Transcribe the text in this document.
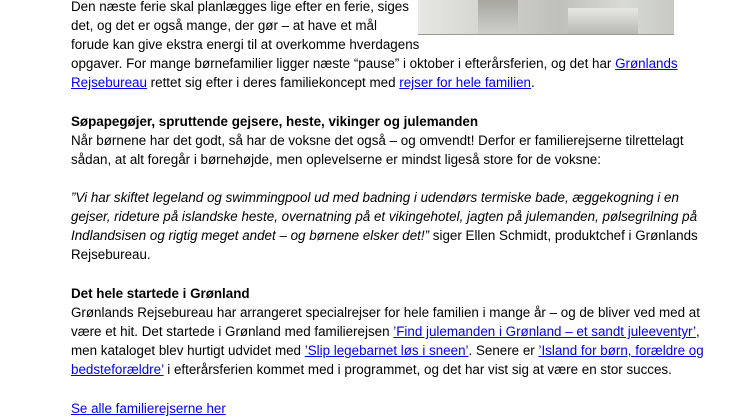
Den næste ferie skal planlægges lige efter en ferie, siges
det, og det er også mange, der gør – at have et mål
forude kan give ekstra energi til at overkomme hverdagens
opgaver. For mange børnefamilier ligger næste “pause” i oktober i efterårsferien, og det har Grønlands
Rejsebureau rettet sig efter i deres familiekoncept med rejser for hele familien.
Søpapegøjer, spruttende gejsere, heste, vikinger og julemanden
Når børnene har det godt, så har de voksne det også – og omvendt! Derfor er familierejserne tilrettelagt
sådan, at alt foregår i børnehøjde, men oplevelserne er mindst ligeså store for de voksne:
”Vi har skiftet legeland og swimmingpool ud med badning i udendørs termiske bade, æggekogning i en
gejser, rideture på islandske heste, overnatning på et vikingehotel, jagten på julemanden, pølsegrilning på
Indlandsisen og rigtig meget andet – og børnene elsker det!” siger Ellen Schmidt, produktchef i Grønlands
Rejsebureau.
Det hele startede i Grønland
Grønlands Rejsebureau har arrangeret specialrejser for hele familien i mange år – og de bliver ved med at
være et hit. Det startede i Grønland med familierejsen ’Find julemanden i Grønland – et sandt juleeventyr’,
men kataloget blev hurtigt udvidet med ’Slip legebarnet løs i sneen’. Senere er ’Island for børn, forældre og
bedsteforældre’ i efterårsferien kommet med i programmet, og det har vist sig at være en stor succes.
Se alle familierejserne her
